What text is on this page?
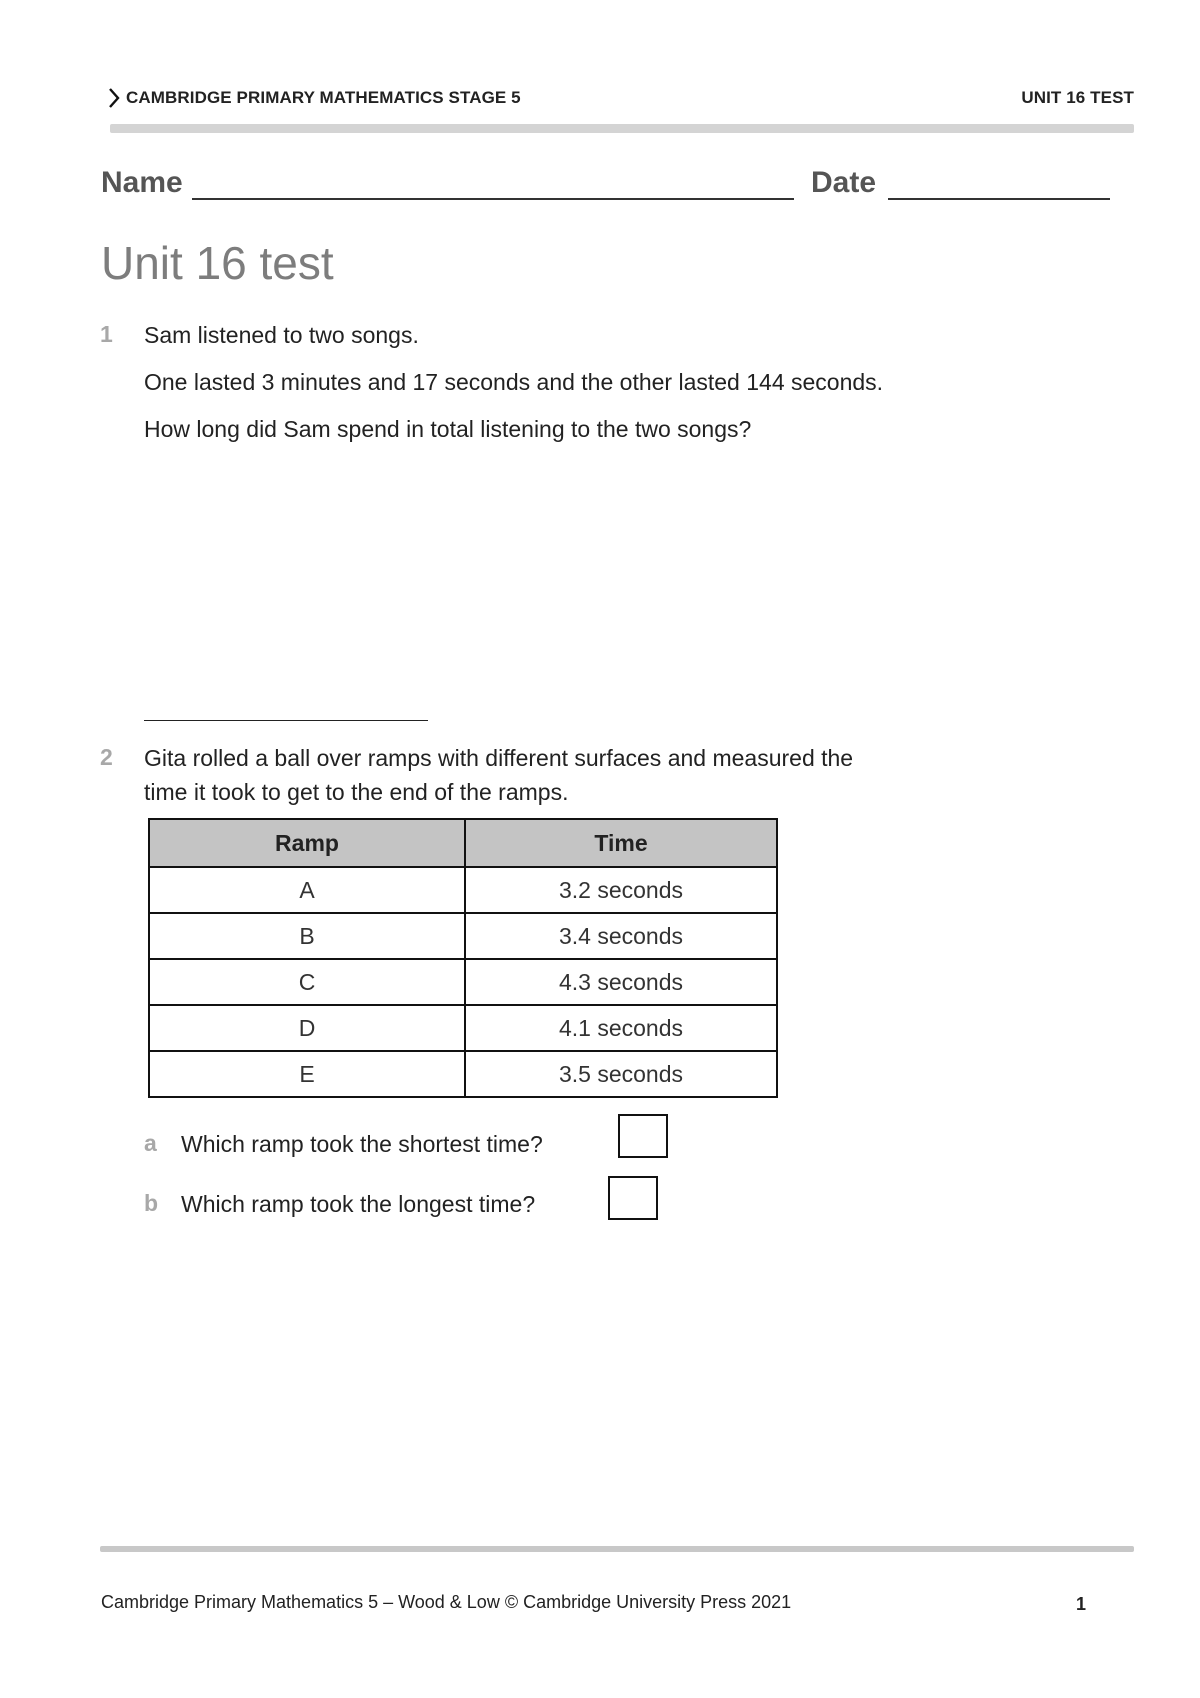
CAMBRIDGE PRIMARY MATHEMATICS STAGE 5	UNIT 16 TEST
Name	Date
Unit 16 test
1 Sam listened to two songs.
One lasted 3 minutes and 17 seconds and the other lasted 144 seconds.
How long did Sam spend in total listening to the two songs?
2 Gita rolled a ball over ramps with different surfaces and measured the
time it took to get to the end of the ramps.
Ramp	Time
A	3.2 seconds
B	3.4 seconds
C	4.3 seconds
D	4.1 seconds
E	3.5 seconds
a Which ramp took the shortest time?
b Which ramp took the longest time?
Cambridge Primary Mathematics 5 – Wood & Low © Cambridge University Press 2021	1
